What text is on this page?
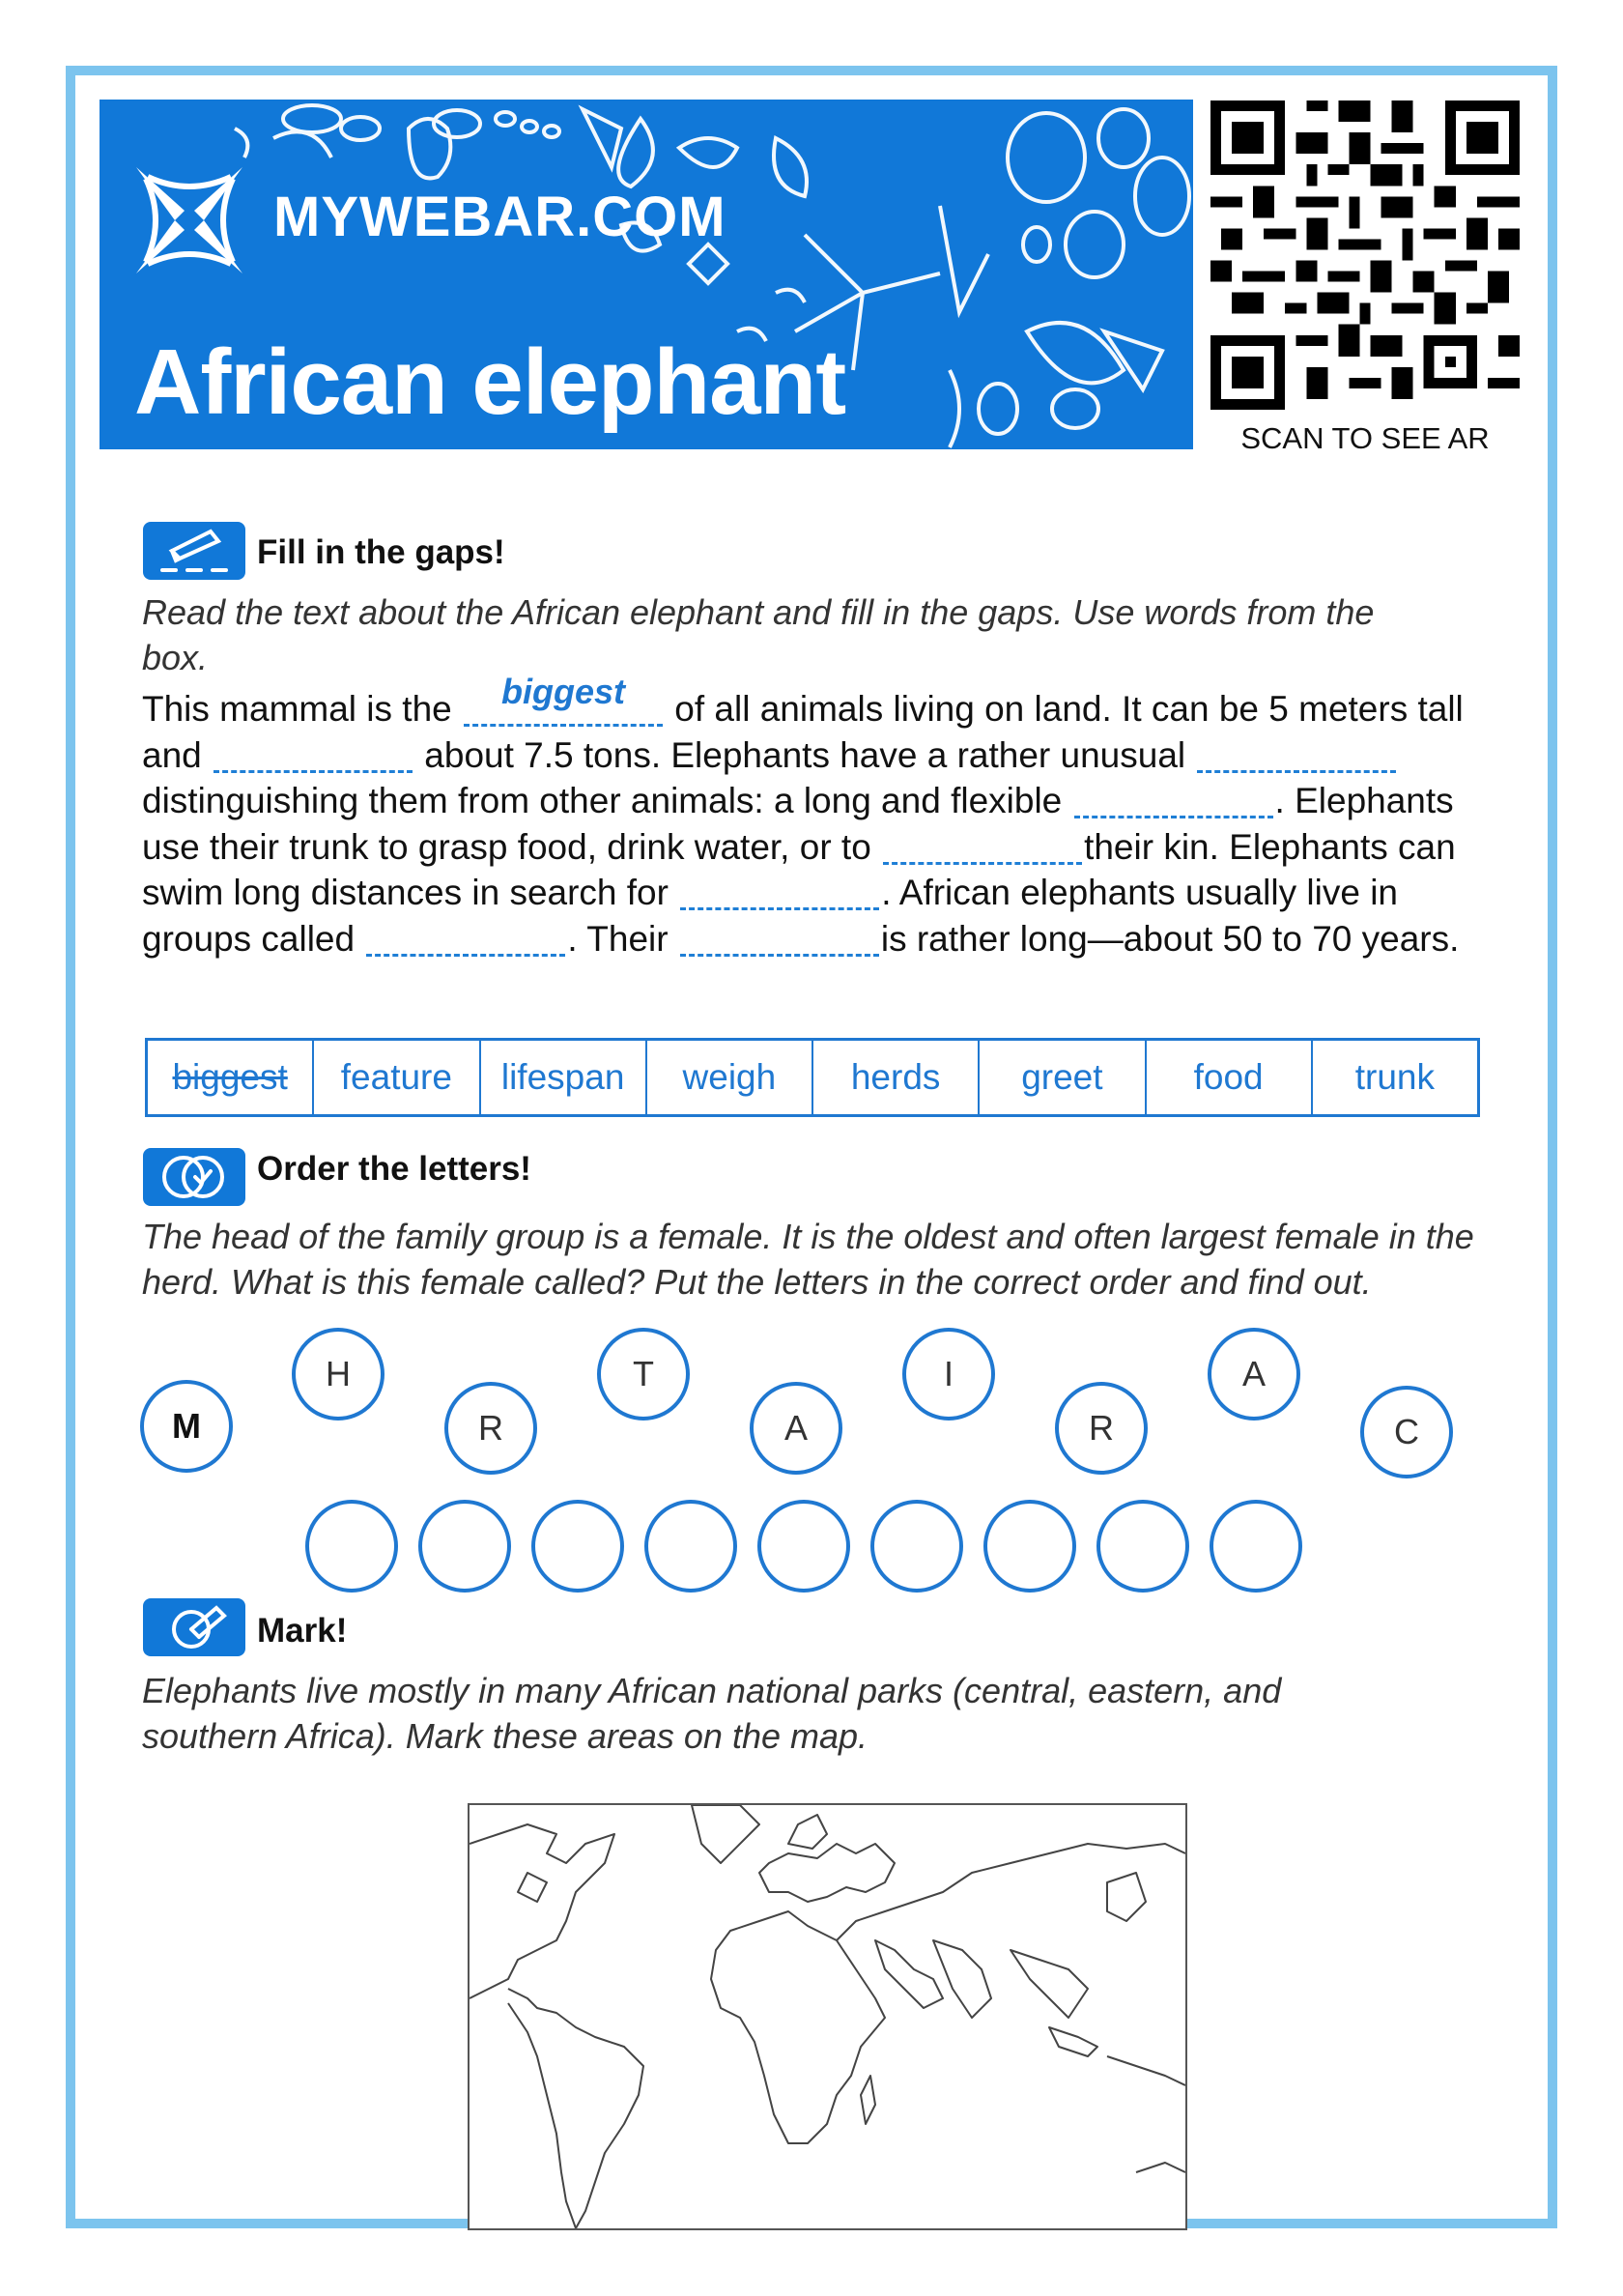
MYWEBAR.COM
African elephant
SCAN TO SEE AR
Fill in the gaps!
Read the text about the African elephant and fill in the gaps. Use words from the box.
This mammal is the	biggest	of all animals living on land. It can be 5 meters tall and	about 7.5 tons. Elephants have a rather unusual  distinguishing them from other animals: a long and flexible	. Elephants use their trunk to grasp food, drink water, or to	their kin. Elephants can swim long distances in search for	. African elephants usually live in groups called	. Their	is rather long—about 50 to 70 years.
biggest	feature	lifespan	weigh	herds	greet	food	trunk
Order the letters!
The head of the family group is a female. It is the oldest and often largest female in the herd. What is this female called? Put the letters in the correct order and find out.
M
H
R
T
A
I
R
A
C
Mark!
Elephants live mostly in many African national parks (central, eastern, and southern Africa). Mark these areas on the map.
